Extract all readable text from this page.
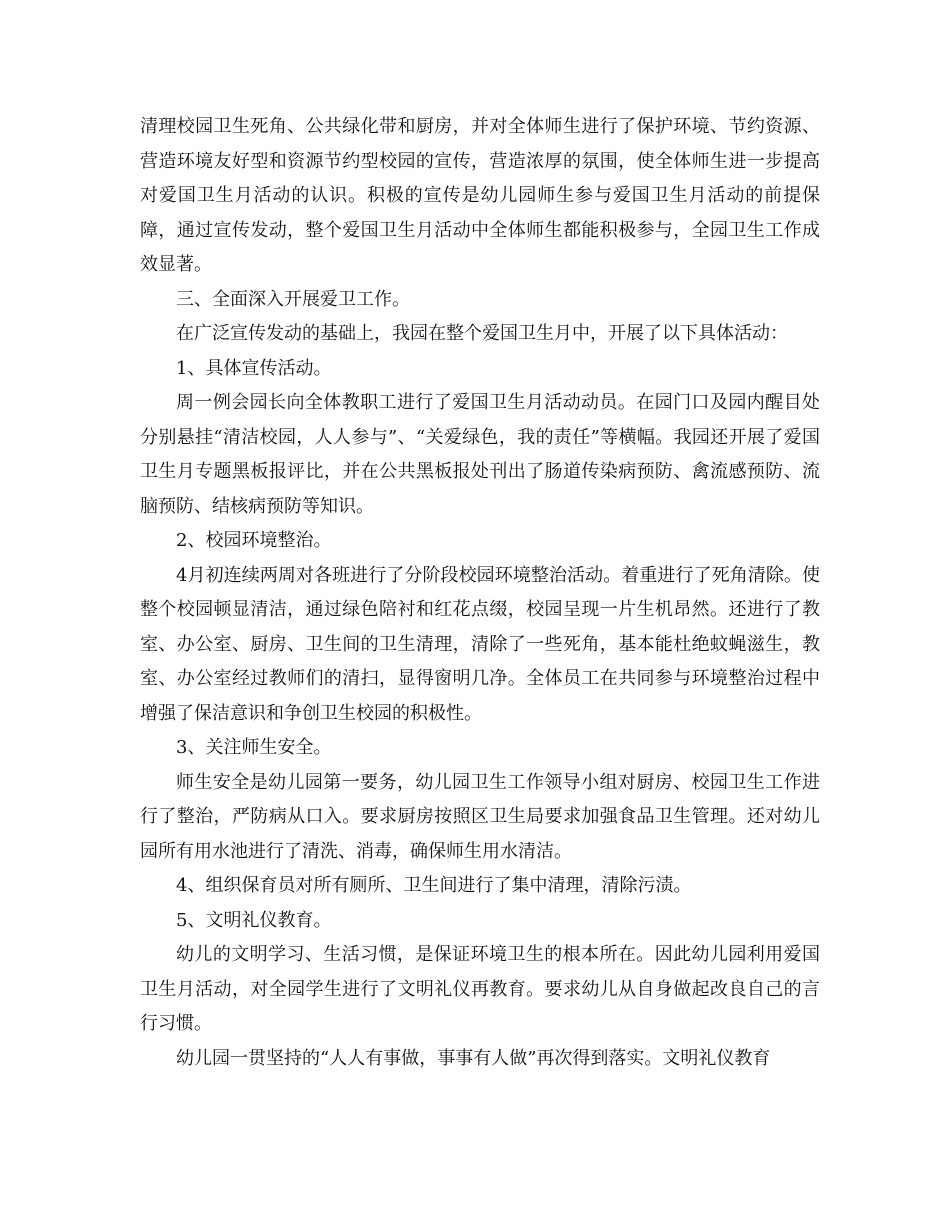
清理校园卫生死角、公共绿化带和厨房，并对全体师生进行了保护环境、节约资源、营造环境友好型和资源节约型校园的宣传，营造浓厚的氛围，使全体师生进一步提高对爱国卫生月活动的认识。积极的宣传是幼儿园师生参与爱国卫生月活动的前提保障，通过宣传发动，整个爱国卫生月活动中全体师生都能积极参与，全园卫生工作成效显著。

三、全面深入开展爱卫工作。

在广泛宣传发动的基础上，我园在整个爱国卫生月中，开展了以下具体活动：

1、具体宣传活动。

周一例会园长向全体教职工进行了爱国卫生月活动动员。在园门口及园内醒目处分别悬挂“清洁校园，人人参与”、“关爱绿色，我的责任”等横幅。我园还开展了爱国卫生月专题黑板报评比，并在公共黑板报处刊出了肠道传染病预防、禽流感预防、流脑预防、结核病预防等知识。

2、校园环境整治。

4月初连续两周对各班进行了分阶段校园环境整治活动。着重进行了死角清除。使整个校园顿显清洁，通过绿色陪衬和红花点缀，校园呈现一片生机昂然。还进行了教室、办公室、厨房、卫生间的卫生清理，清除了一些死角，基本能杜绝蚊蝇滋生，教室、办公室经过教师们的清扫，显得窗明几净。全体员工在共同参与环境整治过程中增强了保洁意识和争创卫生校园的积极性。

3、关注师生安全。

师生安全是幼儿园第一要务，幼儿园卫生工作领导小组对厨房、校园卫生工作进行了整治，严防病从口入。要求厨房按照区卫生局要求加强食品卫生管理。还对幼儿园所有用水池进行了清洗、消毒，确保师生用水清洁。

4、组织保育员对所有厕所、卫生间进行了集中清理，清除污渍。

5、文明礼仪教育。

幼儿的文明学习、生活习惯，是保证环境卫生的根本所在。因此幼儿园利用爱国卫生月活动，对全园学生进行了文明礼仪再教育。要求幼儿从自身做起改良自己的言行习惯。

幼儿园一贯坚持的“人人有事做，事事有人做”再次得到落实。文明礼仪教育
